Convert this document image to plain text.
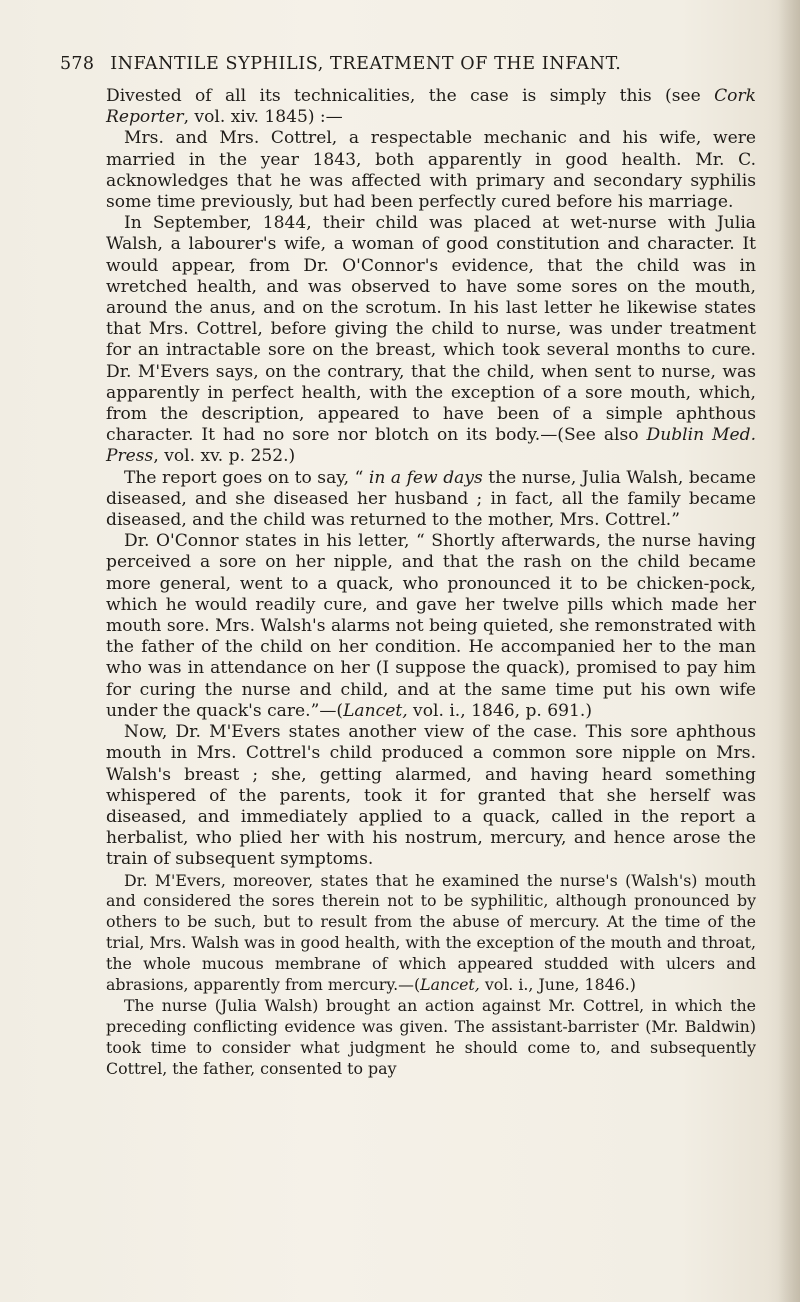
578 INFANTILE SYPHILIS, TREATMENT OF THE INFANT.

Divested of all its technicalities, the case is simply this (see Cork Reporter, vol. xiv. 1845) :—

Mrs. and Mrs. Cottrel, a respectable mechanic and his wife, were married in the year 1843, both apparently in good health. Mr. C. acknowledges that he was affected with primary and secondary syphilis some time previously, but had been perfectly cured before his marriage.

In September, 1844, their child was placed at wet-nurse with Julia Walsh, a labourer's wife, a woman of good constitution and character. It would appear, from Dr. O'Connor's evidence, that the child was in wretched health, and was observed to have some sores on the mouth, around the anus, and on the scrotum. In his last letter he likewise states that Mrs. Cottrel, before giving the child to nurse, was under treatment for an intractable sore on the breast, which took several months to cure. Dr. M'Evers says, on the contrary, that the child, when sent to nurse, was apparently in perfect health, with the exception of a sore mouth, which, from the description, appeared to have been of a simple aphthous character. It had no sore nor blotch on its body.—(See also Dublin Med. Press, vol. xv. p. 252.)

The report goes on to say, “ in a few days the nurse, Julia Walsh, became diseased, and she diseased her husband ; in fact, all the family became diseased, and the child was returned to the mother, Mrs. Cottrel.”

Dr. O'Connor states in his letter, “ Shortly afterwards, the nurse having perceived a sore on her nipple, and that the rash on the child became more general, went to a quack, who pronounced it to be chicken-pock, which he would readily cure, and gave her twelve pills which made her mouth sore. Mrs. Walsh's alarms not being quieted, she remonstrated with the father of the child on her condition. He accompanied her to the man who was in attendance on her (I suppose the quack), promised to pay him for curing the nurse and child, and at the same time put his own wife under the quack's care.”—(Lancet, vol. i., 1846, p. 691.)

Now, Dr. M'Evers states another view of the case. This sore aphthous mouth in Mrs. Cottrel's child produced a common sore nipple on Mrs. Walsh's breast ; she, getting alarmed, and having heard something whispered of the parents, took it for granted that she herself was diseased, and immediately applied to a quack, called in the report a herbalist, who plied her with his nostrum, mercury, and hence arose the train of subsequent symptoms.

Dr. M'Evers, moreover, states that he examined the nurse's (Walsh's) mouth and considered the sores therein not to be syphilitic, although pronounced by others to be such, but to result from the abuse of mercury. At the time of the trial, Mrs. Walsh was in good health, with the exception of the mouth and throat, the whole mucous membrane of which appeared studded with ulcers and abrasions, apparently from mercury.—(Lancet, vol. i., June, 1846.)

The nurse (Julia Walsh) brought an action against Mr. Cottrel, in which the preceding conflicting evidence was given. The assistant-barrister (Mr. Baldwin) took time to consider what judgment he should come to, and subsequently Cottrel, the father, consented to pay
